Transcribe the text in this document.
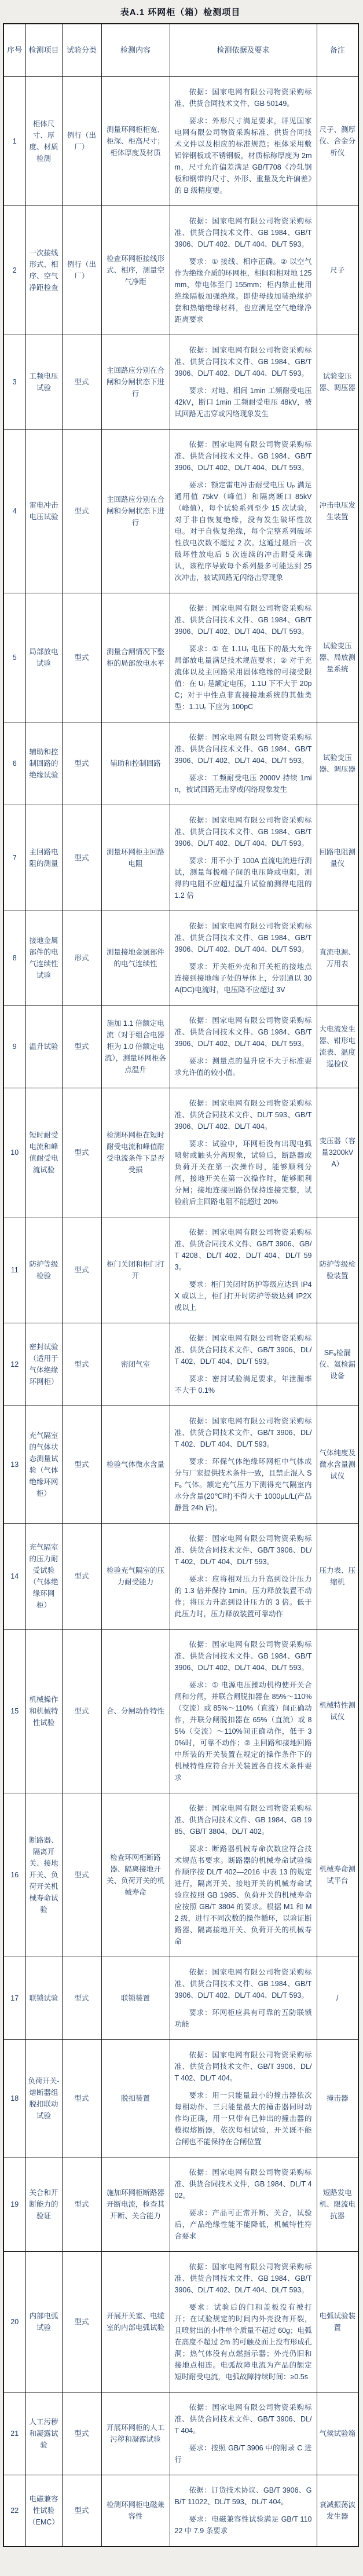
表A.1 环网柜（箱）检测项目
序号	检测项目	试验分类	检测内容	检测依据及要求	备注
1	柜体尺寸、厚度、材质检测	例行（出厂）	测量环网柜柜宽、柜深、柜高尺寸；柜体厚度及材质	依据：国家电网有限公司物资采购标准、供货合同技术文件、GB 50149。

要求：外形尺寸满足要求，详见国家电网有限公司物资采购标准、供货合同技术文件以及相应的标准规范；柜体采用敷铝锌钢板或不锈钢板，材质标称厚度为 2mm，尺寸允许偏差满足 GB/T708《冷轧钢板和钢带的尺寸、外形、重量及允许偏差》的 B 级精度要。	尺子、测厚仪、合金分析仪
2	一次接线形式、相序、空气净距检查	例行（出厂）	检查环网柜接线形式、相序，测量空气净距	依据：国家电网有限公司物资采购标准、供货合同技术文件、GB 1984、GB/T 3906、DL/T 402、DL/T 404、DL/T 593。

要求：① 接线、相序正确。② 以空气作为绝缘介质的环网柜，相间和相对地 125mm，带电体至门 155mm；柜内禁止使用绝缘隔板加强绝缘。即使母线加装绝缘护套和热缩绝缘材料，也应满足空气绝缘净距离要求	尺子
3	工频电压试验	型式	主回路应分别在合闸和分闸状态下进行	依据：国家电网有限公司物资采购标准、供货合同技术文件、GB 1984、GB/T 3906、DL/T 402、DL/T 404、DL/T 593。

要求：对地、相间 1min 工频耐受电压 42kV，断口 1min 工频耐受电压 48kV，被试回路无击穿或闪络现象发生	试验变压器、调压器
4	雷电冲击电压试验	型式	主回路应分别在合闸和分闸状态下进行	依据：国家电网有限公司物资采购标准、供货合同技术文件、GB 1984、GB/T 3906、DL/T 402、DL/T 404、DL/T 593。

要求：额定雷电冲击耐受电压 Uₚ 满足通用值 75kV（峰值）和隔离断口 85kV（峰值），每个试验系列至少 15 次试验，对于非自恢复绝缘，没有发生破坏性放电。对于自恢复绝缘，每个完整系列破坏性放电次数不超过 2 次。这通过最后一次破坏性放电后 5 次连续的冲击耐受来确认，该程序导致每个系列最多可能达到 25 次冲击，被试回路无闪络击穿现象	冲击电压发生装置
5	局部放电试验	型式	测量合闸情况下整柜的局部放电水平	依据：国家电网有限公司物资采购标准、供货合同技术文件、GB 1984、GB/T 3906、DL/T 402、DL/T 404、DL/T 593。

要求：① 在 1.1Uᵣ 电压下的最大允许局部放电量满足技术规范要求；② 对于充流体以及主回路采用固体绝缘的可接受限值：在 Uᵣ 是额定电压，1.1U 下不大于 20pC；对于中性点非直接接地系统的其他类型：1.1Uᵣ 下应为 100pC	试验变压器、局放测量系统
6	辅助和控制回路的绝缘试验	型式	辅助和控制回路	依据：国家电网有限公司物资采购标准、供货合同技术文件、GB 1984、GB/T 3906、DL/T 402、DL/T 404、DL/T 593。

要求：工频耐受电压 2000V 持续 1min，被试回路无击穿或闪络现象发生	试验变压器、调压器
7	主回路电阻的测量	型式	测量环网柜主回路电阻	依据：国家电网有限公司物资采购标准、供货合同技术文件、GB 1984、GB/T 3906、DL/T 402、DL/T 404、DL/T 593。

要求：用不小于 100A 直流电流进行测试，测量每极端子间的电压降或电阻，测得的电阻不应超过温升试验前测得电阻的 1.2 倍	回路电阻测量仪
8	接地金属部件的电气连续性试验	形式	测量接地金属部件的电气连续性	依据：国家电网有限公司物资采购标准、供货合同技术文件、GB 1984、GB/T 3906、DL/T 402、DL/T 404、DL/T 593。

要求：开关柜外壳和开关柜的接地点连接到接地端子处的导体上，分别通以 30A(DC)电流时，电压降不应超过 3V	直流电源、万用表
9	温升试验	型式	施加 1.1 倍额定电流（对于组合电器柜为 1.0 倍额定电流），测量环网柜各点温升	依据：国家电网有限公司物资采购标准、供货合同技术文件、GB 1984、GB/T 3906、DL/T 402、DL/T 404、DL/T 593。

要求：测量点的温升应不大于标准要求允许值的较小值。	大电流发生器、钳形电流表、温度巡检仪
10	短时耐受电流和峰值耐受电流试验	型式	检测环网柜在短时耐受电流和峰值耐受电流条件下是否受损	依据：国家电网有限公司物资采购标准、供货合同技术文件、DL/T 593、GB/T 3906、DL/T 402、DL/T 404。

要求：试验中，环网柜没有出现电弧喷射或触头分离现象，试验后，断路器或负荷开关在第一次操作时，能够顺利分闸，接地开关在第一次操作时，能够顺利分闸；接地连接回路仍保持连接完整，试验前后主回路电阻不能超过 20%	变压器（容量3200kVA）
11	防护等级检验	型式	柜门关闭和柜门打开	依据：国家电网有限公司物资采购标准、供货合同技术文件、GB/T 3906、GB/T 4208、DL/T 402、DL/T 404、DL/T 593。

要求：柜门关闭时防护等级应达到 IP4X 或以上，柜门打开时防护等级达到 IP2X 或以上	防护等级检验装置
12	密封试验（适用于气体绝缘环网柜）	型式	密闭气室	依据：国家电网有限公司物资采购标准、供货合同技术文件、GB/T 3906、DL/T 402、DL/T 404、DL/T 593。

要求：密封试验满足要求，年泄漏率不大于 0.1%	SF₆检漏仪、氦检漏设备
13	充气隔室的气体状态测量试验（气体绝缘环网柜）	型式	检验气体微水含量	依据：国家电网有限公司物资采购标准、供货合同技术文件、GB/T 3906、DL/T 402、DL/T 404、DL/T 593。

要求：环保气体绝缘环网柜中气体成分与厂家提供技术条件一致，且禁止混入 SF₆ 气体。额定充气压力下测得充气隔室内水分含量(20℃时)不得大于 1000μL/L(产品静置 24h 后)。	气体纯度及微水含量测试仪
14	充气隔室的压力耐受试验（气体绝缘环网柜）	型式	检验充气隔室的压力耐受能力	依据：国家电网有限公司物资采购标准、供货合同技术文件、GB/T 3906、DL/T 402、DL/T 404、DL/T 593。

要求：应将相对压力升高到设计压力的 1.3 倍并保持 1min。压力释放装置不动作；将压力升高到设计压力的 3 倍。低于此压力时，压力释放装置可靠动作	压力表、压缩机
15	机械操作和机械特性试验	型式	合、分闸动作特性	依据：国家电网有限公司物资采购标准、供货合同技术文件、GB 1984、GB/T 3906、DL/T 402、DL/T 404、DL/T 593。

要求：① 电源电压操动机构使开关合闸和分闸，并联合闸脱扣器在 85%～110%（交流）或 85%～110%（直流）间正确动作，并联分闸脱扣器在 65%（直流）或 85%（交流）～110%间正确动作，低于 30%时，可靠不动作；② 主回路和接地回路中所装的开关装置在规定的操作条件下的机械特性应符合开关装置各自技术条件要求	机械特性测试仪
16	断路器、隔离开关、接地开关、负荷开关机械寿命试验	型式	检查环网柜断路器、隔离接地开关、负荷开关的机械寿命	依据：国家电网有限公司物资采购标准、供货合同技术文件、GB 1984、GB 1985、GB/T 3804、DL/T 402。

要求：断路器机械寿命次数应符合技术规范书要求。断路器的机械寿命试验操作顺序按 DL/T 402—2016 中表 13 的规定进行，隔离开关、接地开关的机械寿命试验应按照 GB 1985、负荷开关的机械寿命应按照 GB/T 3804 的要求。根据 M1 和 M2 级，进行不同次数的操作循环，以验证断路器、隔离接地开关、负荷开关的机械寿命	机械寿命测试平台
17	联锁试验	型式	联锁装置	依据：国家电网有限公司物资采购标准、供货合同技术文件、GB 1984、GB/T 3906、DL/T 402、DL/T 404、DL/T 593。

要求：环网柜应具有可靠的五防联锁功能	/
18	负荷开关-熔断器组脱扣联动试验	型式	脱扣装置	依据：国家电网有限公司物资采购标准、供货合同技术文件、GB/T 3906、DL/T 402、DL/T 404。

要求：用一只能量最小的撞击器依次每相动作、三只能量最大的撞击器同时动作均正确，用一只带有已伸出的撞击器的模拟熔断器，依次每相试验，开关既不能合闸也不能保持在合闸位置	撞击器
19	关合和开断能力的验证	型式	施加环网柜断路器开断电流，检查其开断、关合能力	依据：国家电网有限公司物资采购标准、供货合同技术文件，GB 1984、DL/T 402。

要求：产品可正常开断、关合，试验后，产品绝缘性能不能降低，机械特性符合要求	短路发电机、限流电抗器
20	内部电弧试验	型式	开展开关室、电缆室的内部电弧试验	依据：国家电网有限公司物资采购标准、供货合同技术文件、GB 1984、GB/T 3906、DL/T 402、DL/T 404、DL/T 593。

要求：试验后的门和盖板没有被打开；在试验规定的时间内外壳没有开裂，且喷射出的小件单个质量不超过 60g；电弧在高度不超过 2m 的可触及面上没有形成孔洞；热气体没有点燃指示器；外壳仍旧和接地点相连。电弧故障电流为产品的额定短时耐受电流，电弧故障持续时间：≥0.5s	电弧试验装置
21	人工污秽和凝露试验	型式	开展环网柜的人工污秽和凝露试验	依据：国家电网有限公司物资采购标准、供货合同技术文件、GB/T 3906、DL/T 404。

要求：按照 GB/T 3906 中的附录 C 进行	气候试验箱
22	电磁兼容性试验（EMC）	型式	检测环网柜电磁兼容性	依据：订货技术协议、GB/T 3906、GB/T 11022、DL/T 593、DL/T 404。

要求：电磁兼容性试验满足 GB/T 11022 中 7.9 条要求	衰减振荡波发生器
